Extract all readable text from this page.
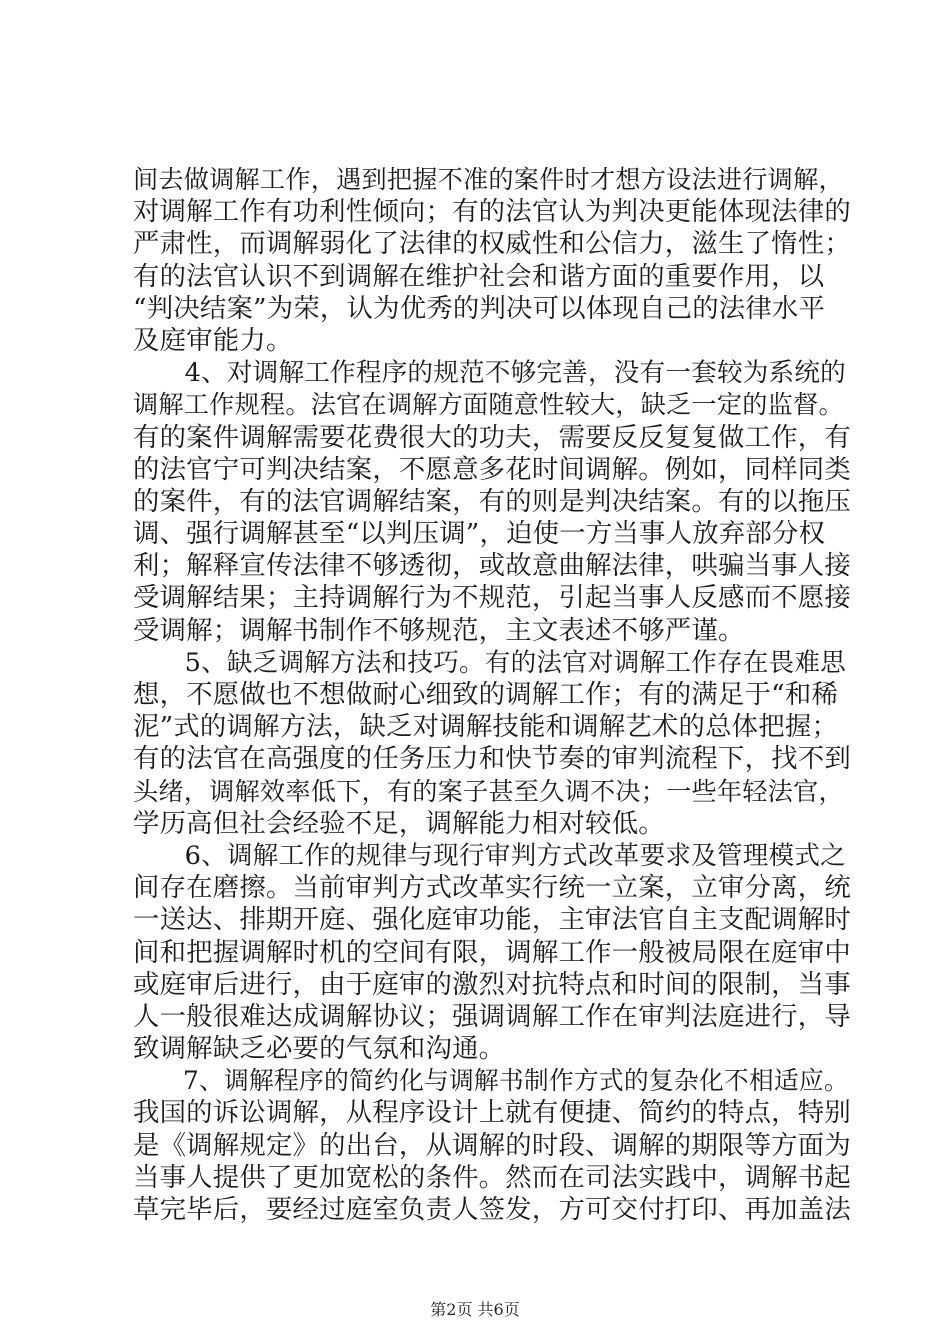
间去做调解工作，遇到把握不准的案件时才想方设法进行调解，
对调解工作有功利性倾向；有的法官认为判决更能体现法律的
严肃性，而调解弱化了法律的权威性和公信力，滋生了惰性；
有的法官认识不到调解在维护社会和谐方面的重要作用，以
“判决结案”为荣，认为优秀的判决可以体现自己的法律水平
及庭审能力。
　　4、对调解工作程序的规范不够完善，没有一套较为系统的
调解工作规程。法官在调解方面随意性较大，缺乏一定的监督。
有的案件调解需要花费很大的功夫，需要反反复复做工作，有
的法官宁可判决结案，不愿意多花时间调解。例如，同样同类
的案件，有的法官调解结案，有的则是判决结案。有的以拖压
调、强行调解甚至“以判压调”，迫使一方当事人放弃部分权
利；解释宣传法律不够透彻，或故意曲解法律，哄骗当事人接
受调解结果；主持调解行为不规范，引起当事人反感而不愿接
受调解；调解书制作不够规范，主文表述不够严谨。
　　5、缺乏调解方法和技巧。有的法官对调解工作存在畏难思
想，不愿做也不想做耐心细致的调解工作；有的满足于“和稀
泥”式的调解方法，缺乏对调解技能和调解艺术的总体把握；
有的法官在高强度的任务压力和快节奏的审判流程下，找不到
头绪，调解效率低下，有的案子甚至久调不决；一些年轻法官，
学历高但社会经验不足，调解能力相对较低。
　　6、调解工作的规律与现行审判方式改革要求及管理模式之
间存在磨擦。当前审判方式改革实行统一立案，立审分离，统
一送达、排期开庭、强化庭审功能，主审法官自主支配调解时
间和把握调解时机的空间有限，调解工作一般被局限在庭审中
或庭审后进行，由于庭审的激烈对抗特点和时间的限制，当事
人一般很难达成调解协议；强调调解工作在审判法庭进行，导
致调解缺乏必要的气氛和沟通。
　　7、调解程序的简约化与调解书制作方式的复杂化不相适应。
我国的诉讼调解，从程序设计上就有便捷、简约的特点，特别
是《调解规定》的出台，从调解的时段、调解的期限等方面为
当事人提供了更加宽松的条件。然而在司法实践中，调解书起
草完毕后，要经过庭室负责人签发，方可交付打印、再加盖法
第2页 共6页
